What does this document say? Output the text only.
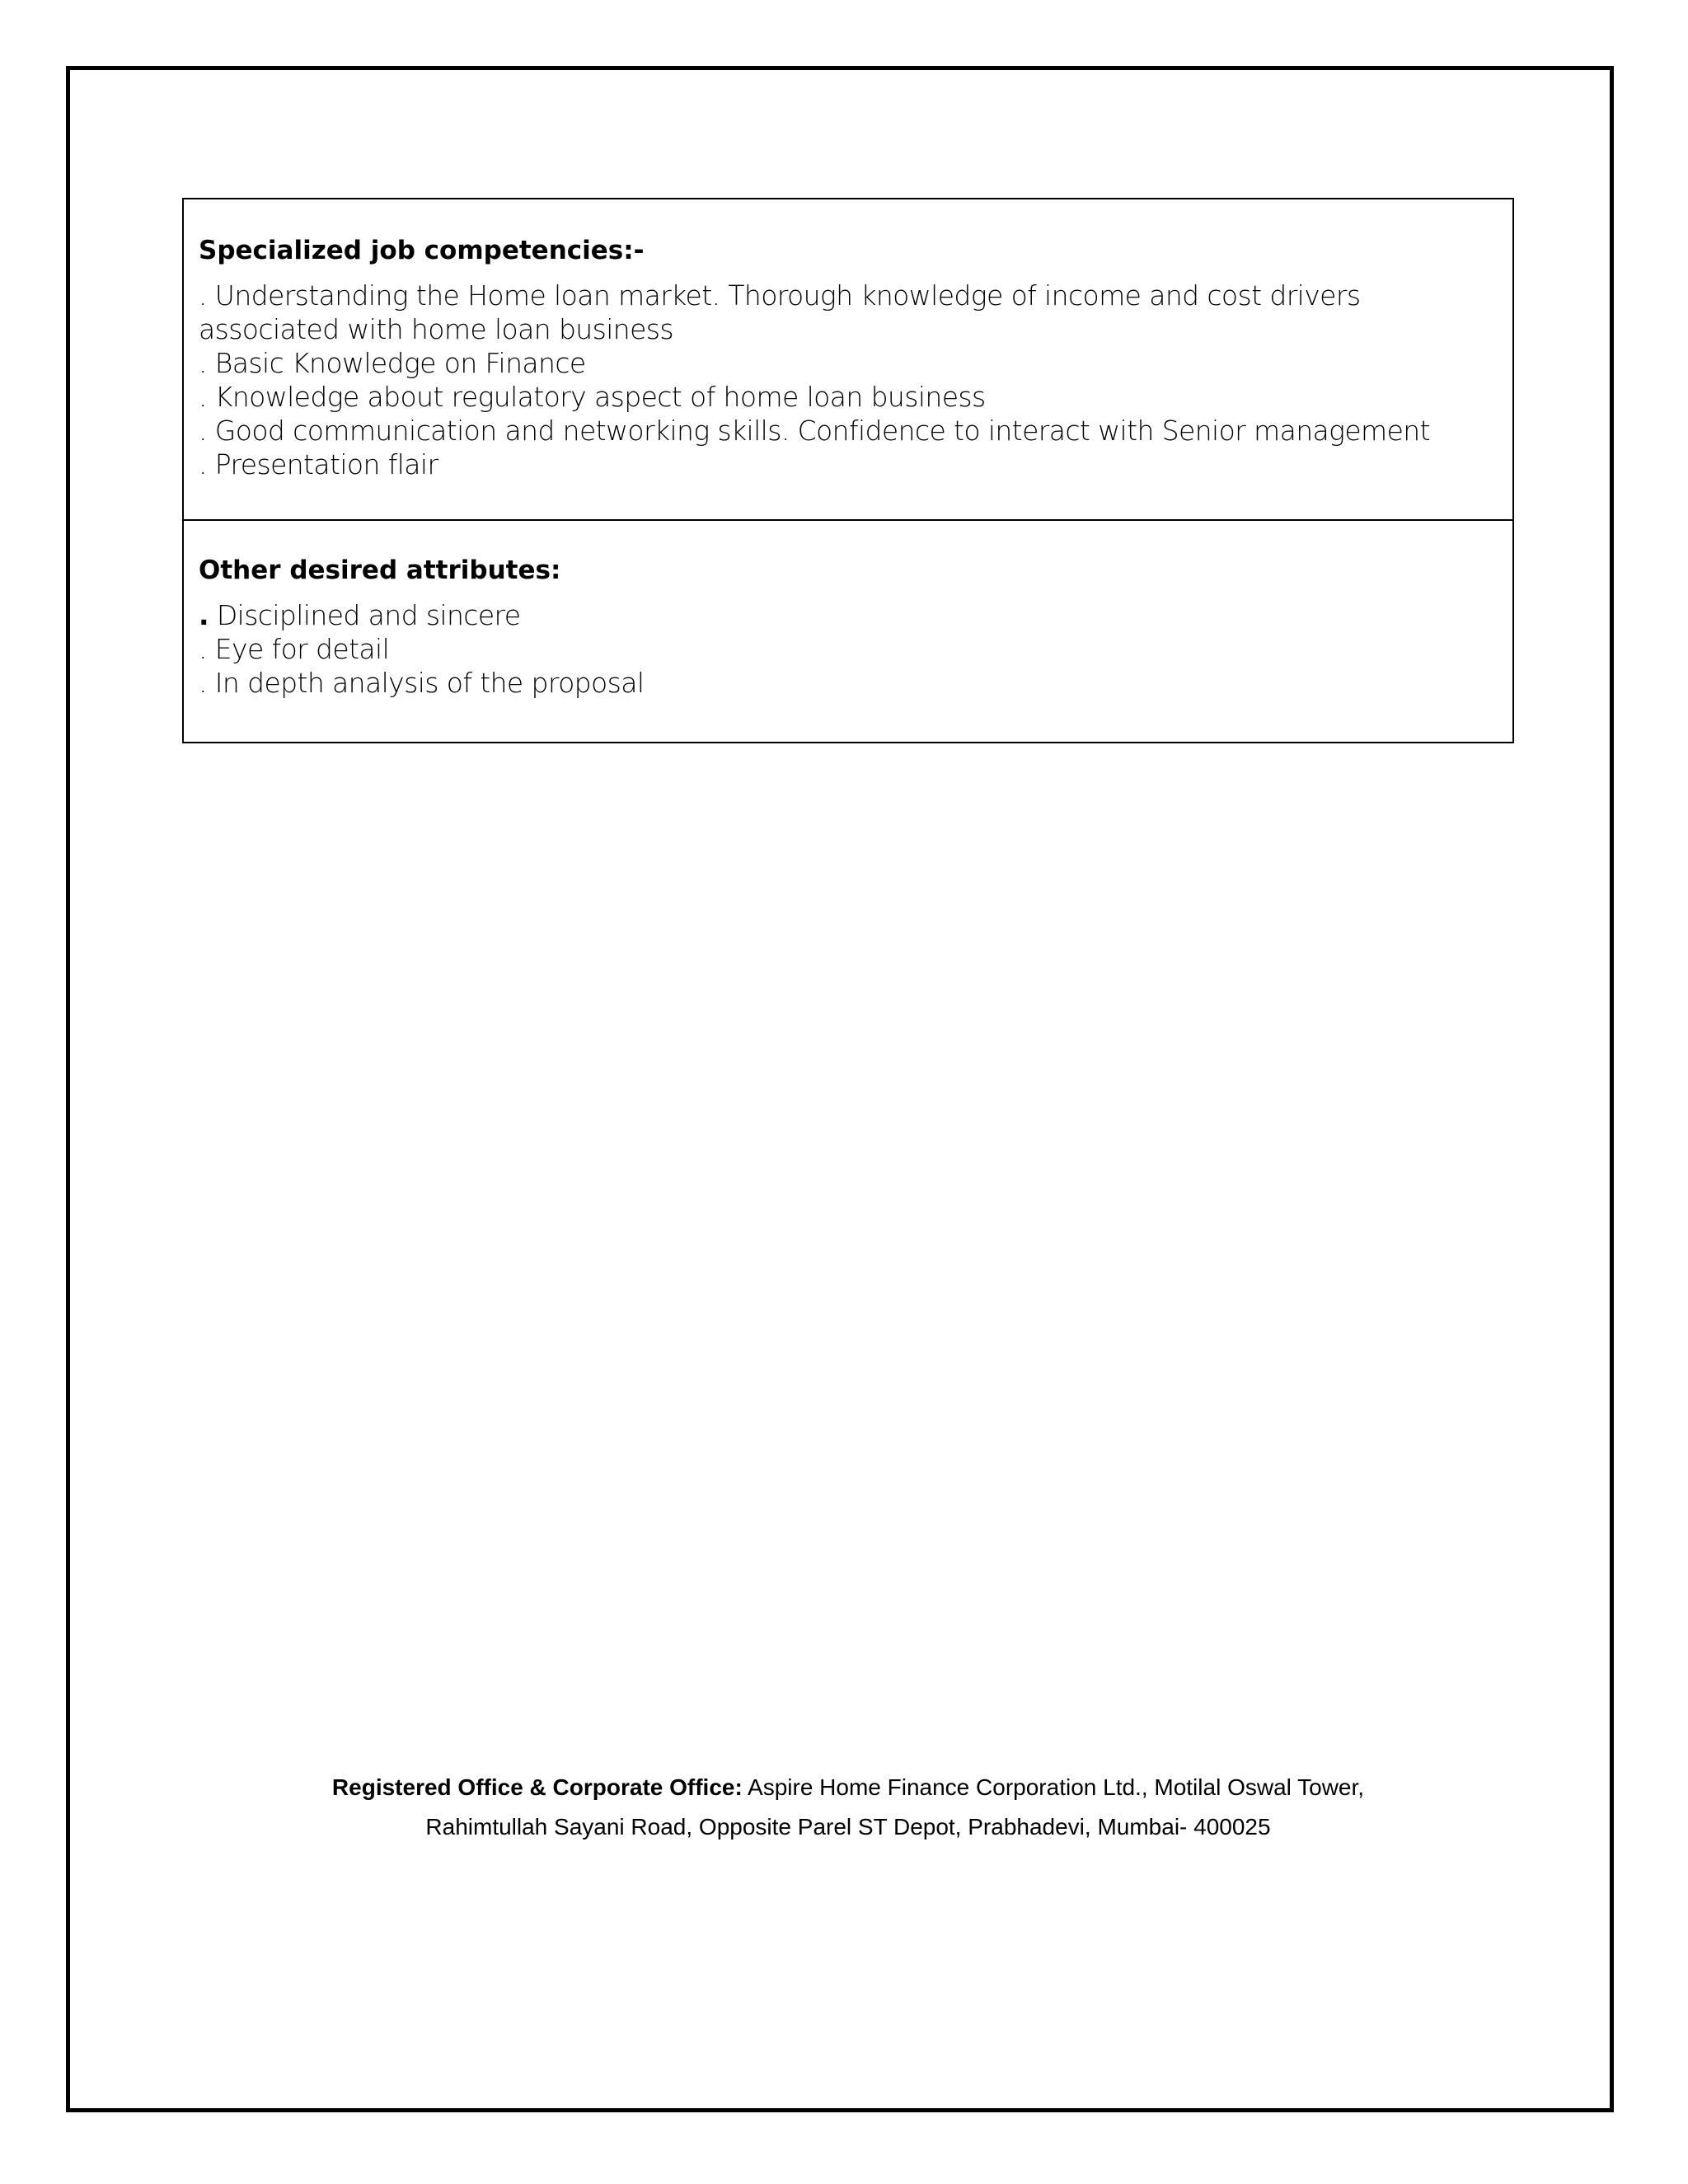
Specialized job competencies:-
. Understanding the Home loan market. Thorough knowledge of income and cost drivers associated with home loan business
. Basic Knowledge on Finance
. Knowledge about regulatory aspect of home loan business
. Good communication and networking skills. Confidence to interact with Senior management
. Presentation flair
Other desired attributes:
. Disciplined and sincere
. Eye for detail
. In depth analysis of the proposal
Registered Office & Corporate Office: Aspire Home Finance Corporation Ltd., Motilal Oswal Tower,
Rahimtullah Sayani Road, Opposite Parel ST Depot, Prabhadevi, Mumbai- 400025
